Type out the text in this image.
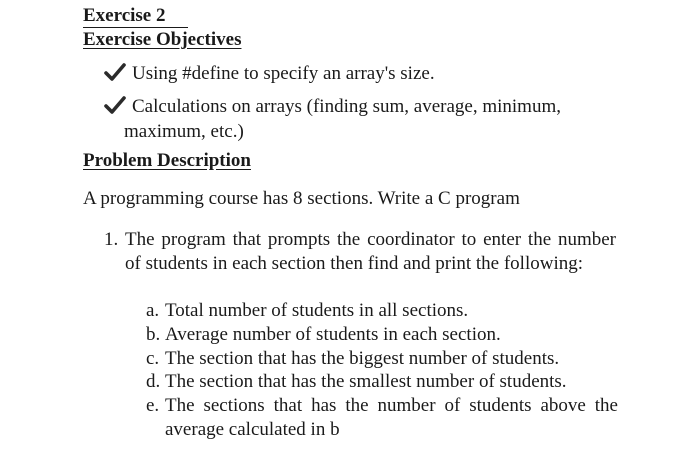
Exercise 2
Exercise Objectives
Using #define to specify an array's size.
Calculations on arrays (finding sum, average, minimum,
maximum, etc.)
Problem Description
A programming course has 8 sections. Write a C program
1. The program that prompts the coordinator to enter the number of students in each section then find and print the following:
a. Total number of students in all sections.
b. Average number of students in each section.
c. The section that has the biggest number of students.
d. The section that has the smallest number of students.
e. The sections that has the number of students above the average calculated in b
